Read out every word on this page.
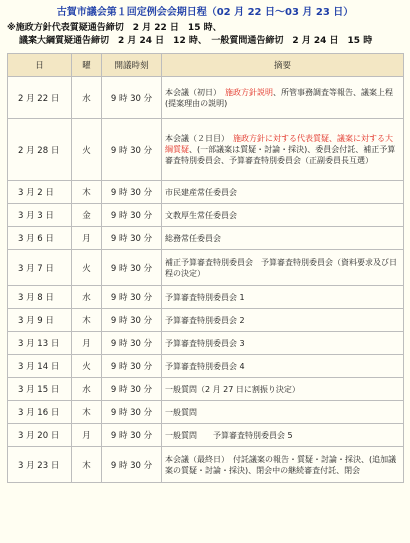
古賀市議会第１回定例会会期日程（02 月 22 日～03 月 23 日）
※施政方針代表質疑通告締切　2 月 22 日　15 時、
議案大綱質疑通告締切　2 月 24 日　12 時、　一般質問通告締切　2 月 24 日　15 時
日	曜	開議時刻	摘要
2 月 22 日	水	9 時 30 分	本会議（初日）　施政方針説明、所管事務調査等報告、議案上程(提案理由の説明)
2 月 28 日	火	9 時 30 分	本会議（２日目）　施政方針に対する代表質疑、議案に対する大綱質疑、(一部議案は質疑・討論・採決)、委員会付託、補正予算審査特別委員会、予算審査特別委員会（正副委員長互選）
3 月 2 日	木	9 時 30 分	市民建産常任委員会
3 月 3 日	金	9 時 30 分	文教厚生常任委員会
3 月 6 日	月	9 時 30 分	総務常任委員会
3 月 7 日	火	9 時 30 分	補正予算審査特別委員会　予算審査特別委員会（資料要求及び日程の決定）
3 月 8 日	水	9 時 30 分	予算審査特別委員会 1
3 月 9 日	木	9 時 30 分	予算審査特別委員会 2
3 月 13 日	月	9 時 30 分	予算審査特別委員会 3
3 月 14 日	火	9 時 30 分	予算審査特別委員会 4
3 月 15 日	水	9 時 30 分	一般質問（2 月 27 日に割振り決定）
3 月 16 日	木	9 時 30 分	一般質問
3 月 20 日	月	9 時 30 分	一般質問　　予算審査特別委員会 5
3 月 23 日	木	9 時 30 分	本会議（最終日）　付託議案の報告・質疑・討論・採決、(追加議案の質疑・討論・採決)、閉会中の継続審査付託、閉会
